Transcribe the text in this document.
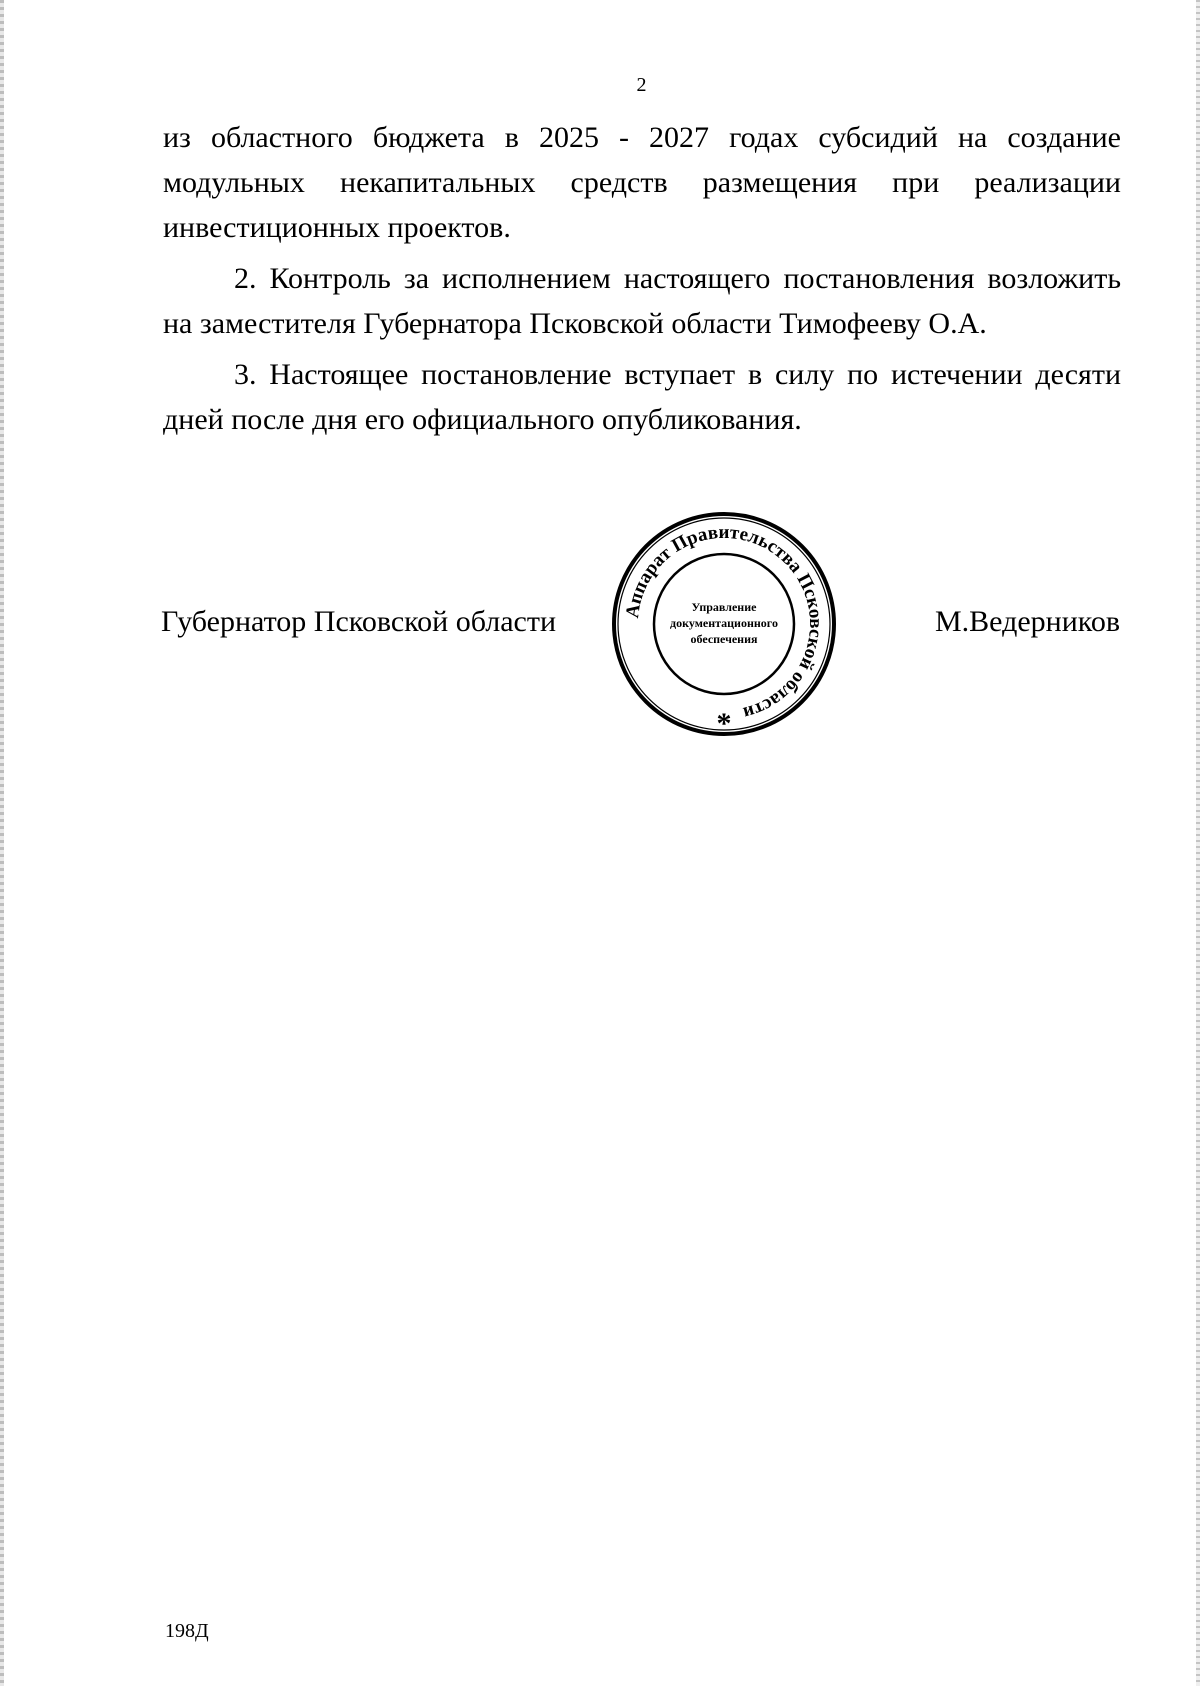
2

из областного бюджета в 2025 - 2027 годах субсидий на создание модульных некапитальных средств размещения при реализации инвестиционных проектов.

2. Контроль за исполнением настоящего постановления возложить на заместителя Губернатора Псковской области Тимофееву О.А.

3. Настоящее постановление вступает в силу по истечении десяти дней после дня его официального опубликования.

Губернатор Псковской области	Аппарат Правительства Псковской области
Управление
документационного
обеспечения
*
М.Ведерников
198Д
